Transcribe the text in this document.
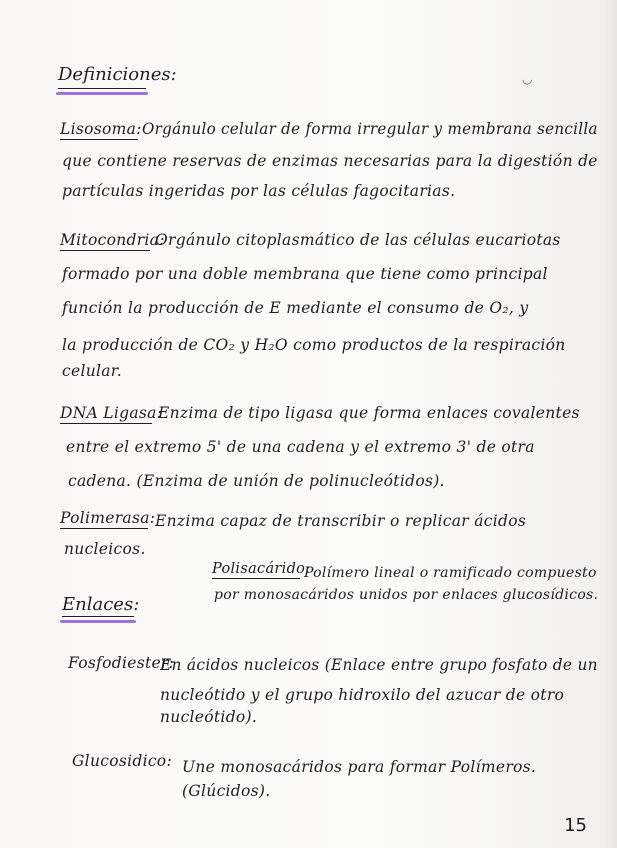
Definiciones:	◡
Lisosoma: Orgánulo celular de forma irregular y membrana sencilla
que contiene reservas de enzimas necesarias para la digestión de
partículas ingeridas por las células fagocitarias.
Mitocondria:
Orgánulo citoplasmático de las células eucariotas
formado por una doble membrana que tiene como principal
función la producción de E mediante el consumo de O₂, y
la producción de CO₂ y H₂O como productos de la respiración
celular.
DNA Ligasa:
Enzima de tipo ligasa que forma enlaces covalentes
entre el extremo 5' de una cadena y el extremo 3' de otra
cadena. (Enzima de unión de polinucleótidos).
Polimerasa: Enzima capaz de transcribir o replicar ácidos
nucleicos.
Polisacárido:
Polímero lineal o ramificado compuesto
por monosacáridos unidos por enlaces glucosídicos.
Enlaces:
Fosfodiester:
En ácidos nucleicos (Enlace entre grupo fosfato de un
nucleótido y el grupo hidroxilo del azucar de otro
nucleótido).
Glucosidico: Une monosacáridos para formar Polímeros.
(Glúcidos).
15
